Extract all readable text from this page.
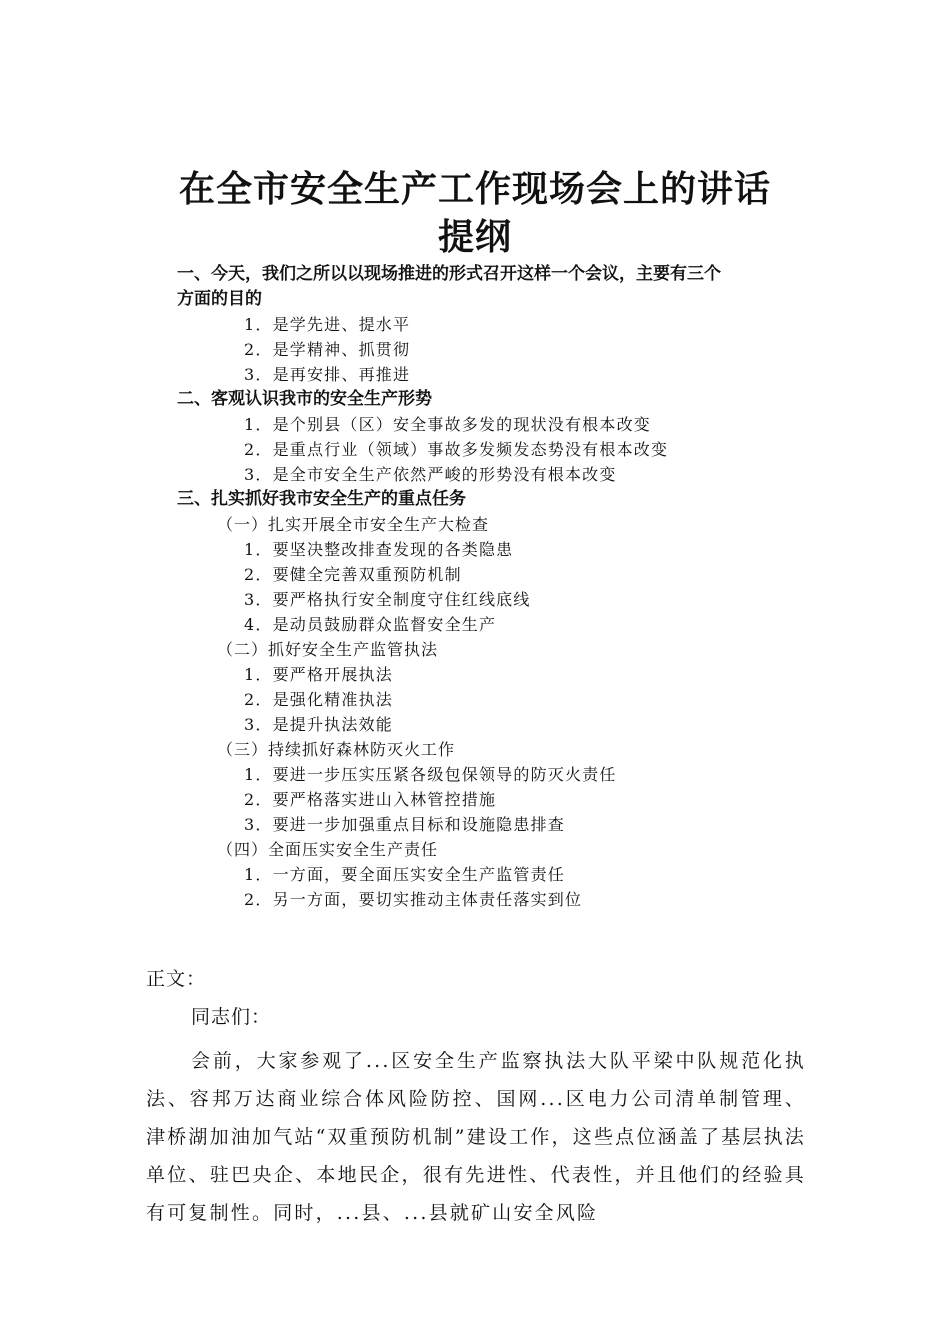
在全市安全生产工作现场会上的讲话
提纲
一、今天，我们之所以以现场推进的形式召开这样一个会议，主要有三个
方面的目的
1．是学先进、提水平
2．是学精神、抓贯彻
3．是再安排、再推进
二、客观认识我市的安全生产形势
1．是个别县（区）安全事故多发的现状没有根本改变
2．是重点行业（领域）事故多发频发态势没有根本改变
3．是全市安全生产依然严峻的形势没有根本改变
三、扎实抓好我市安全生产的重点任务
（一）扎实开展全市安全生产大检查
1．要坚决整改排查发现的各类隐患
2．要健全完善双重预防机制
3．要严格执行安全制度守住红线底线
4．是动员鼓励群众监督安全生产
（二）抓好安全生产监管执法
1．要严格开展执法
2．是强化精准执法
3．是提升执法效能
（三）持续抓好森林防灭火工作
1．要进一步压实压紧各级包保领导的防灭火责任
2．要严格落实进山入林管控措施
3．要进一步加强重点目标和设施隐患排查
（四）全面压实安全生产责任
1．一方面，要全面压实安全生产监管责任
2．另一方面，要切实推动主体责任落实到位
正文：
同志们：
会前，大家参观了...区安全生产监察执法大队平梁中队规范化执法、容邦万达商业综合体风险防控、国网...区电力公司清单制管理、津桥湖加油加气站“双重预防机制”建设工作，这些点位涵盖了基层执法单位、驻巴央企、本地民企，很有先进性、代表性，并且他们的经验具有可复制性。同时，...县、...县就矿山安全风险
